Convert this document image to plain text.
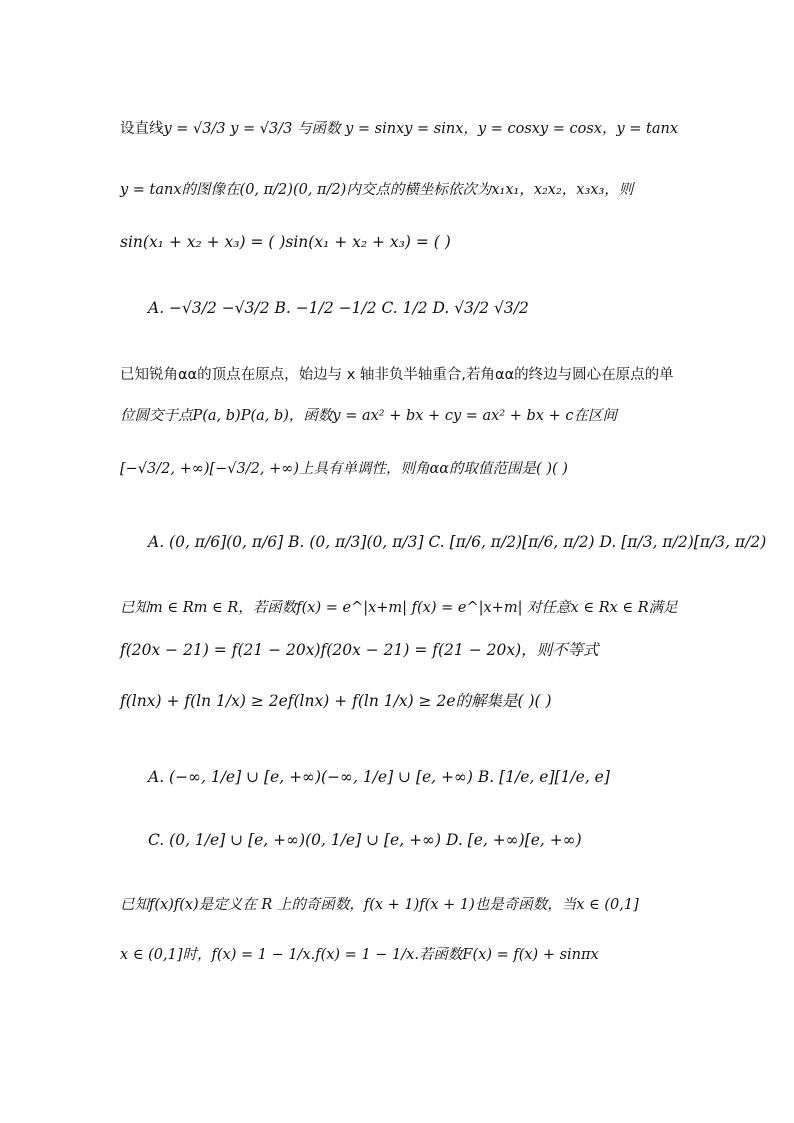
设直线y = √3/3 y = √3/3 与函数 y = sinxy = sinx，y = cosxy = cosx，y = tanx
y = tanx的图像在(0, π/2)(0, π/2)内交点的横坐标依次为x₁x₁，x₂x₂，x₃x₃，则
sin(x₁ + x₂ + x₃) = ( )sin(x₁ + x₂ + x₃) = ( )
A. −√3/2 −√3/2 B. −1/2 −1/2 C. 1/2 D. √3/2 √3/2
已知锐角αα的顶点在原点，始边与 x 轴非负半轴重合,若角αα的终边与圆心在原点的单
位圆交于点P(a, b)P(a, b)，函数y = ax² + bx + cy = ax² + bx + c在区间
[−√3/2, +∞)[−√3/2, +∞)上具有单调性，则角αα的取值范围是( )( )
A. (0, π/6](0, π/6] B. (0, π/3](0, π/3] C. [π/6, π/2)[π/6, π/2) D. [π/3, π/2)[π/3, π/2)
已知m ∈ Rm ∈ R，若函数f(x) = e^|x+m| f(x) = e^|x+m| 对任意x ∈ Rx ∈ R满足
f(20x − 21) = f(21 − 20x)f(20x − 21) = f(21 − 20x)，则不等式
f(lnx) + f(ln 1/x) ≥ 2ef(lnx) + f(ln 1/x) ≥ 2e的解集是( )( )
A. (−∞, 1/e] ∪ [e, +∞)(−∞, 1/e] ∪ [e, +∞) B. [1/e, e][1/e, e]
C. (0, 1/e] ∪ [e, +∞)(0, 1/e] ∪ [e, +∞) D. [e, +∞)[e, +∞)
已知f(x)f(x)是定义在 R 上的奇函数，f(x + 1)f(x + 1)也是奇函数，当x ∈ (0,1]
x ∈ (0,1]时，f(x) = 1 − 1/x.f(x) = 1 − 1/x.若函数F(x) = f(x) + sinπx
